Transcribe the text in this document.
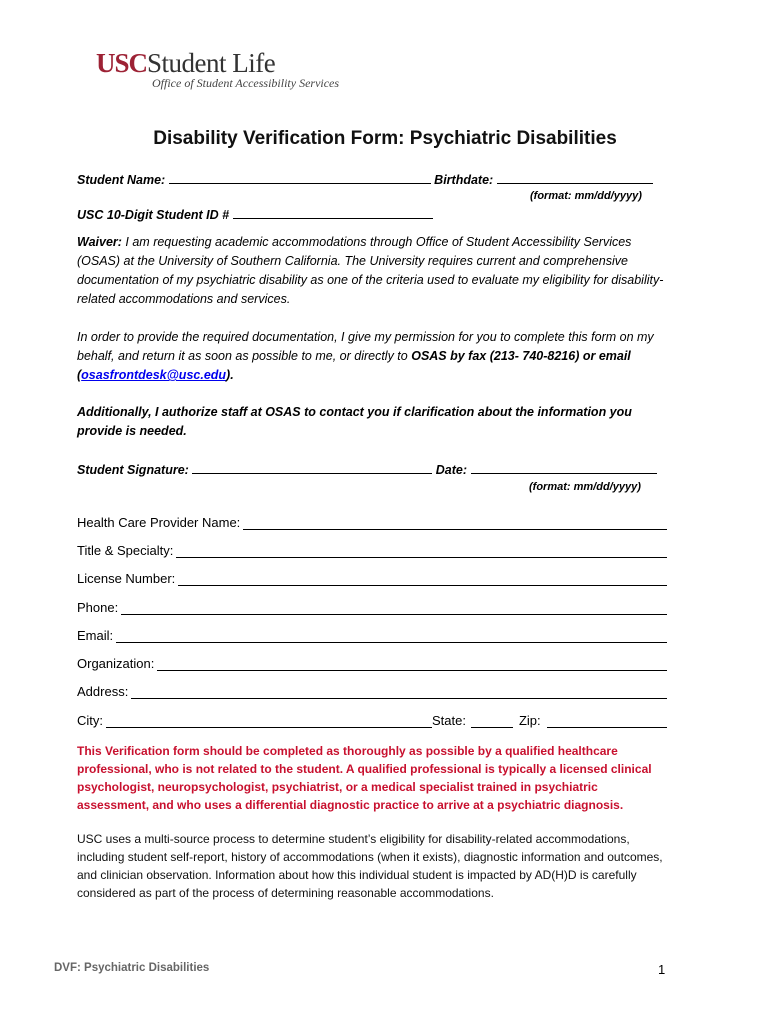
USCStudent Life
Office of Student Accessibility Services
Disability Verification Form: Psychiatric Disabilities
Student Name:	Birthdate:
(format: mm/dd/yyyy)
USC 10-Digit Student ID #
Waiver: I am requesting academic accommodations through Office of Student Accessibility Services (OSAS) at the University of Southern California. The University requires current and comprehensive documentation of my psychiatric disability as one of the criteria used to evaluate my eligibility for disability-related accommodations and services.
In order to provide the required documentation, I give my permission for you to complete this form on my behalf, and return it as soon as possible to me, or directly to OSAS by fax (213- 740-8216) or email (osasfrontdesk@usc.edu).
Additionally, I authorize staff at OSAS to contact you if clarification about the information you provide is needed.
Student Signature:	Date:
(format: mm/dd/yyyy)
Health Care Provider Name:
Title & Specialty:
License Number:
Phone:
Email:
Organization:
Address:
City:	State:	Zip:
This Verification form should be completed as thoroughly as possible by a qualified healthcare professional, who is not related to the student. A qualified professional is typically a licensed clinical psychologist, neuropsychologist, psychiatrist, or a medical specialist trained in psychiatric assessment, and who uses a differential diagnostic practice to arrive at a psychiatric diagnosis.
USC uses a multi-source process to determine student’s eligibility for disability-related accommodations, including student self-report, history of accommodations (when it exists), diagnostic information and outcomes, and clinician observation. Information about how this individual student is impacted by AD(H)D is carefully considered as part of the process of determining reasonable accommodations.
DVF: Psychiatric Disabilities	1
